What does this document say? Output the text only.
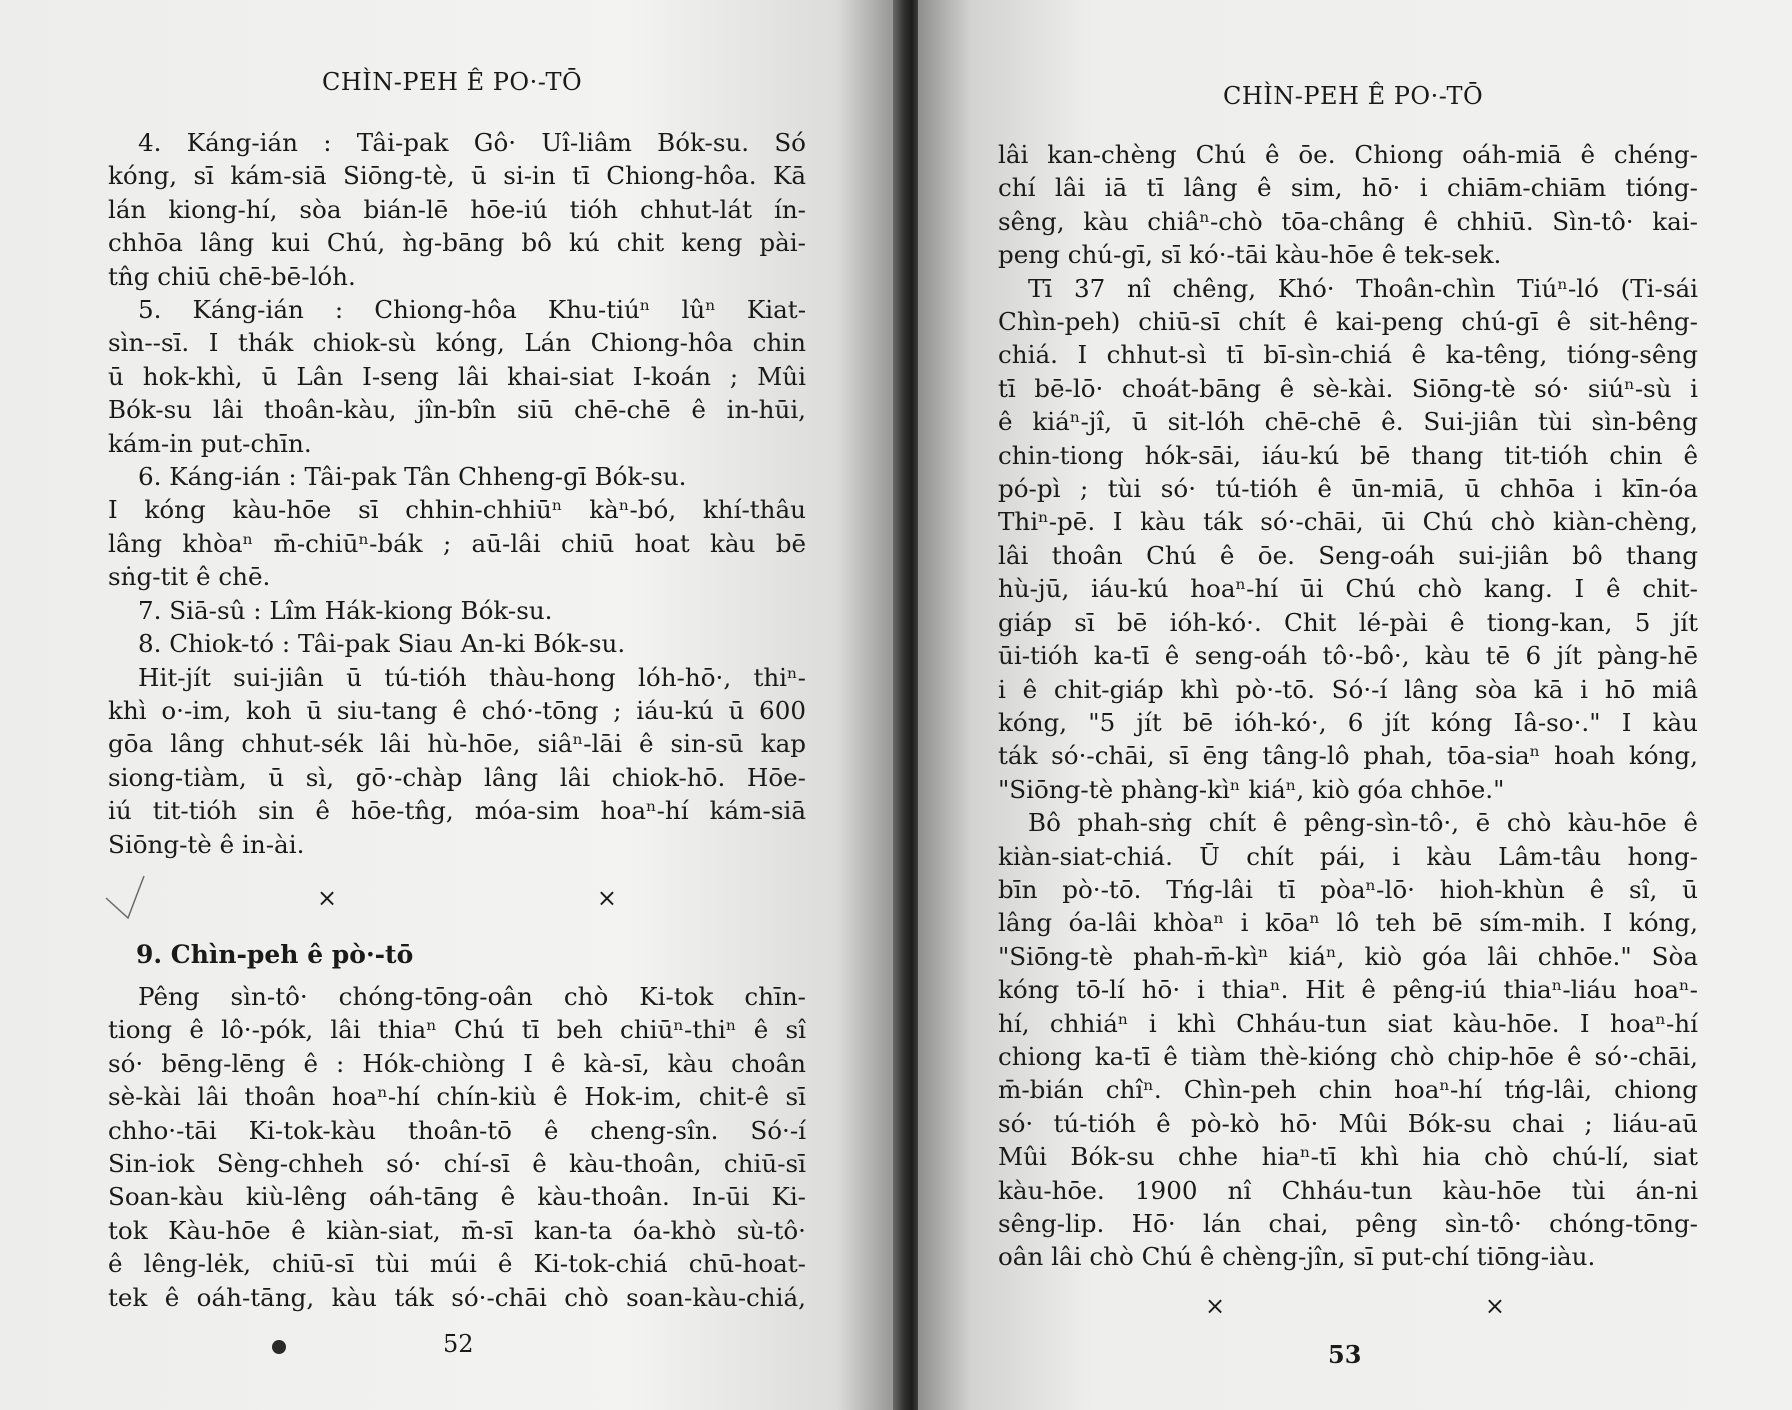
CHÌN-PEH Ê PO·-TŌ
4. Káng-ián : Tâi-pak Gô· Uî-liâm Bók-su. Só
kóng, sī kám-siā Siōng-tè, ū si-in tī Chiong-hôa. Kā
lán kiong-hí, sòa bián-lē hōe-iú tióh chhut-lát ín-
chhōa lâng kui Chú, ǹg-bāng bô kú chit keng pài-
tn̂g chiū chē-bē-lóh.
5. Káng-ián : Chiong-hôa Khu-tiúⁿ lûⁿ Kiat-
sìn--sī. I thák chiok-sù kóng, Lán Chiong-hôa chin
ū hok-khì, ū Lân I-seng lâi khai-siat I-koán ; Mûi
Bók-su lâi thoân-kàu, jîn-bîn siū chē-chē ê in-hūi,
kám-in put-chīn.
6. Káng-ián : Tâi-pak Tân Chheng-gī Bók-su.
I kóng kàu-hōe sī chhin-chhiūⁿ kàⁿ-bó, khí-thâu
lâng khòaⁿ m̄-chiūⁿ-bák ; aū-lâi chiū hoat kàu bē
sṅg-tit ê chē.
7. Siā-sû : Lîm Hák-kiong Bók-su.
8. Chiok-tó : Tâi-pak Siau An-ki Bók-su.
Hit-jít sui-jiân ū tú-tióh thàu-hong lóh-hō·, thiⁿ-
khì o·-im, koh ū siu-tang ê chó·-tōng ; iáu-kú ū 600
gōa lâng chhut-sék lâi hù-hōe, siâⁿ-lāi ê sin-sū kap
siong-tiàm, ū sì, gō·-chàp lâng lâi chiok-hō. Hōe-
iú tit-tióh sin ê hōe-tn̂g, móa-sim hoaⁿ-hí kám-siā
Siōng-tè ê in-ài.
×	×
9. Chìn-peh ê pò·-tō
Pêng sìn-tô· chóng-tōng-oân chò Ki-tok chīn-
tiong ê lô·-pók, lâi thiaⁿ Chú tī beh chiūⁿ-thiⁿ ê sî
só· bēng-lēng ê : Hók-chiòng I ê kà-sī, kàu choân
sè-kài lâi thoân hoaⁿ-hí chín-kiù ê Hok-im, chit-ê sī
chho·-tāi Ki-tok-kàu thoân-tō ê cheng-sîn. Só·-í
Sin-iok Sèng-chheh só· chí-sī ê kàu-thoân, chiū-sī
Soan-kàu kiù-lêng oáh-tāng ê kàu-thoân. In-ūi Ki-
tok Kàu-hōe ê kiàn-siat, m̄-sī kan-ta óa-khò sù-tô·
ê lêng-lėk, chiū-sī tùi múi ê Ki-tok-chiá chū-hoat-
tek ê oáh-tāng, kàu ták só·-chāi chò soan-kàu-chiá,
52
CHÌN-PEH Ê PO·-TŌ
lâi kan-chèng Chú ê ōe. Chiong oáh-miā ê chéng-
chí lâi iā tī lâng ê sim, hō· i chiām-chiām tióng-
sêng, kàu chiâⁿ-chò tōa-châng ê chhiū. Sìn-tô· kai-
peng chú-gī, sī kó·-tāi kàu-hōe ê tek-sek.
Tī 37 nî chêng, Khó· Thoân-chìn Tiúⁿ-ló (Ti-sái
Chìn-peh) chiū-sī chít ê kai-peng chú-gī ê sit-hêng-
chiá. I chhut-sì tī bī-sìn-chiá ê ka-têng, tióng-sêng
tī bē-lō· choát-bāng ê sè-kài. Siōng-tè só· siúⁿ-sù i
ê kiáⁿ-jî, ū sit-lóh chē-chē ê. Sui-jiân tùi sìn-bêng
chin-tiong hók-sāi, iáu-kú bē thang tit-tióh chin ê
pó-pì ; tùi só· tú-tióh ê ūn-miā, ū chhōa i kīn-óa
Thiⁿ-pē. I kàu ták só·-chāi, ūi Chú chò kiàn-chèng,
lâi thoân Chú ê ōe. Seng-oáh sui-jiân bô thang
hù-jū, iáu-kú hoaⁿ-hí ūi Chú chò kang. I ê chit-
giáp sī bē ióh-kó·. Chit lé-pài ê tiong-kan, 5 jít
ūi-tióh ka-tī ê seng-oáh tô·-bô·, kàu tē 6 jít pàng-hē
i ê chit-giáp khì pò·-tō. Só·-í lâng sòa kā i hō miâ
kóng, "5 jít bē ióh-kó·, 6 jít kóng Iâ-so·." I kàu
ták só·-chāi, sī ēng tâng-lô phah, tōa-siaⁿ hoah kóng,
"Siōng-tè phàng-kìⁿ kiáⁿ, kiò góa chhōe."
Bô phah-sṅg chít ê pêng-sìn-tô·, ē chò kàu-hōe ê
kiàn-siat-chiá. Ū chít pái, i kàu Lâm-tâu hong-
bīn pò·-tō. Tńg-lâi tī pòaⁿ-lō· hioh-khùn ê sî, ū
lâng óa-lâi khòaⁿ i kōaⁿ lô teh bē sím-mih. I kóng,
"Siōng-tè phah-m̄-kìⁿ kiáⁿ, kiò góa lâi chhōe." Sòa
kóng tō-lí hō· i thiaⁿ. Hit ê pêng-iú thiaⁿ-liáu hoaⁿ-
hí, chhiáⁿ i khì Chháu-tun siat kàu-hōe. I hoaⁿ-hí
chiong ka-tī ê tiàm thè-kióng chò chip-hōe ê só·-chāi,
m̄-bián chîⁿ. Chìn-peh chin hoaⁿ-hí tńg-lâi, chiong
só· tú-tióh ê pò-kò hō· Mûi Bók-su chai ; liáu-aū
Mûi Bók-su chhe hiaⁿ-tī khì hia chò chú-lí, siat
kàu-hōe. 1900 nî Chháu-tun kàu-hōe tùi án-ni
sêng-lip. Hō· lán chai, pêng sìn-tô· chóng-tōng-
oân lâi chò Chú ê chèng-jîn, sī put-chí tiōng-iàu.
×	×
53
